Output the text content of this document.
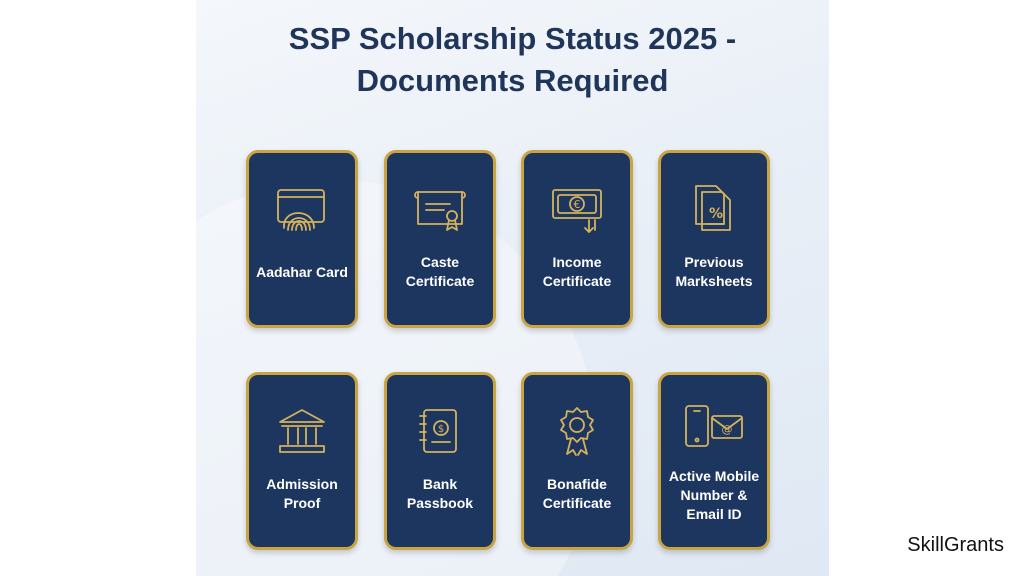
SSP Scholarship Status 2025 -
Documents Required
Aadahar Card
Caste Certificate
€
Income Certificate
%
Previous Marksheets
Admission Proof
$
Bank Passbook
Bonafide Certificate
@
Active Mobile Number & Email ID
SkillGrants
